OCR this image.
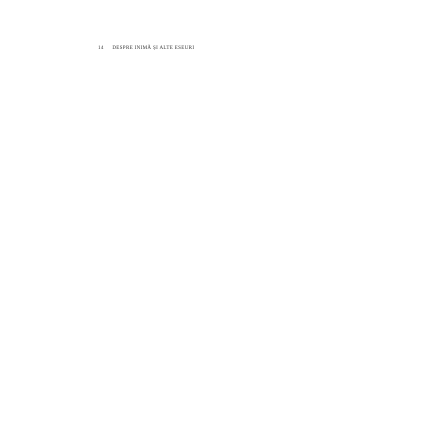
14 DESPRE INIMĂ ȘI ALTE ESEURI
